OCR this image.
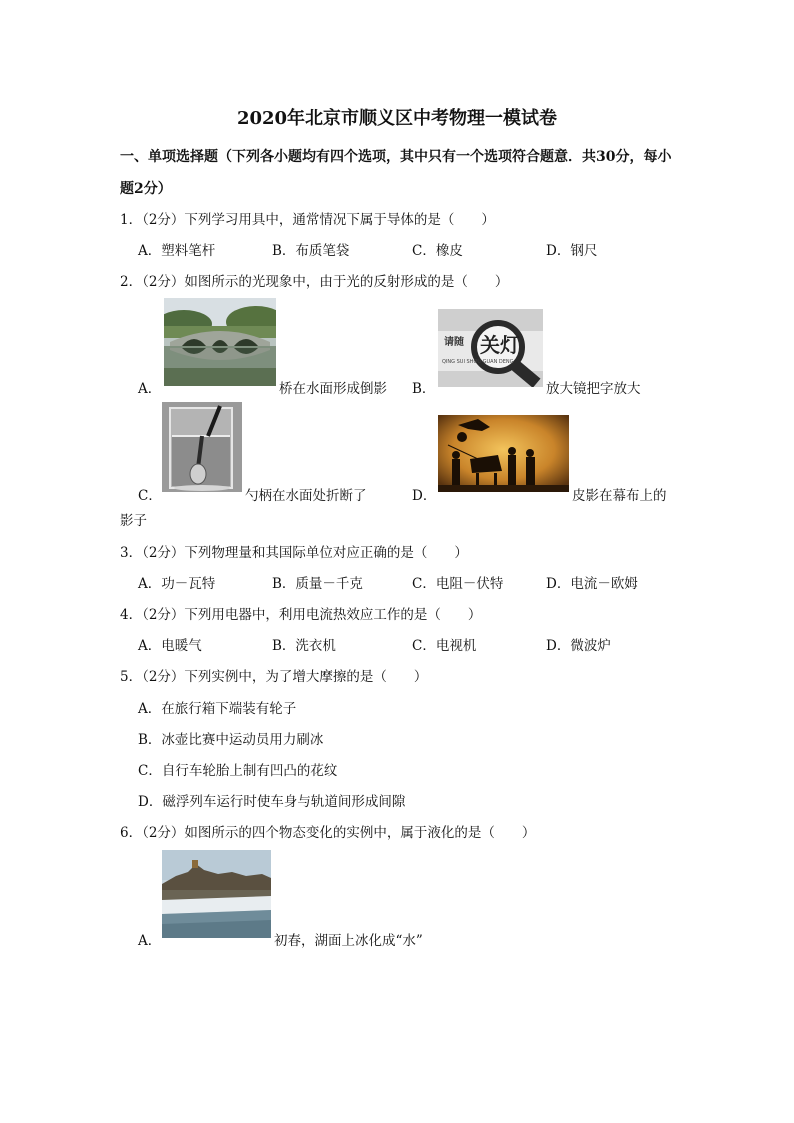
2020年北京市顺义区中考物理一模试卷
一、单项选择题（下列各小题均有四个选项，其中只有一个选项符合题意．共30分，每小
题2分）
1．（2分）下列学习用具中，通常情况下属于导体的是（　　）
A．塑料笔杆	B．布质笔袋	C．橡皮	D．钢尺
2．（2分）如图所示的光现象中，由于光的反射形成的是（　　）
A．	桥在水面形成倒影 B．
请随 关灯
QING SUI SHOU GUAN DENG
放大镜把字放大
C．	勺柄在水面处折断了	D．	皮影在幕布上的
影子
3．（2分）下列物理量和其国际单位对应正确的是（　　）
A．功－瓦特	B．质量－千克	C．电阻－伏特	D．电流－欧姆
4．（2分）下列用电器中，利用电流热效应工作的是（　　）
A．电暖气	B．洗衣机	C．电视机	D．微波炉
5．（2分）下列实例中，为了增大摩擦的是（　　）
A．在旅行箱下端装有轮子
B．冰壶比赛中运动员用力刷冰
C．自行车轮胎上制有凹凸的花纹
D．磁浮列车运行时使车身与轨道间形成间隙
6．（2分）如图所示的四个物态变化的实例中，属于液化的是（　　）
A．	初春，湖面上冰化成“水”
